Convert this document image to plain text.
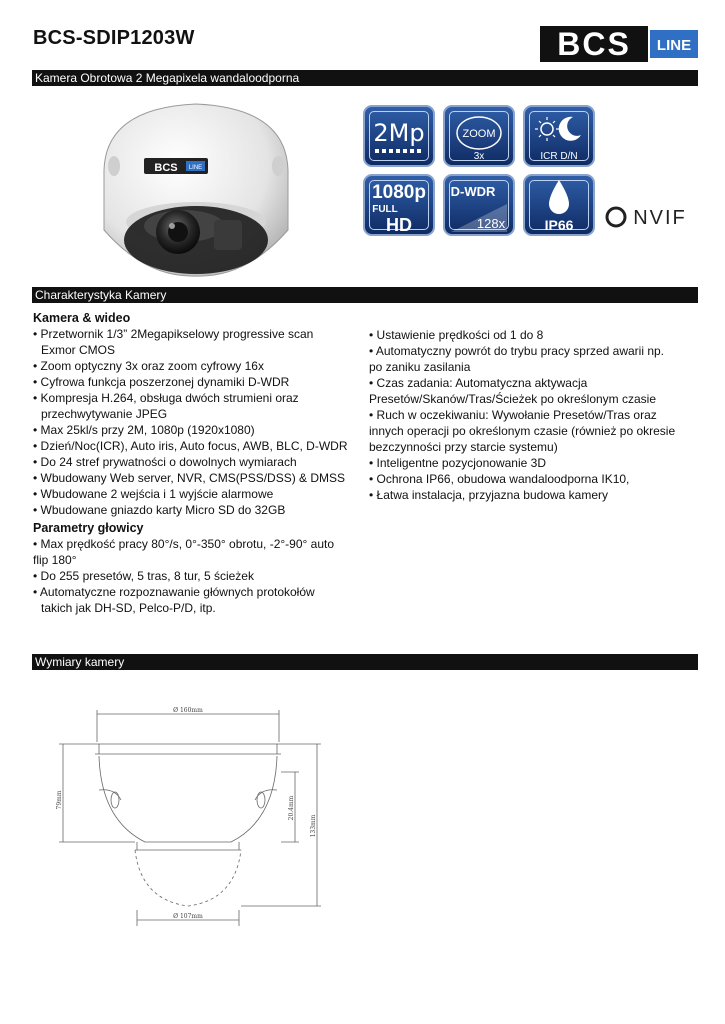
BCS-SDIP1203W	BCS LINE
Kamera Obrotowa 2 Megapixela wandaloodporna
Charakterystyka Kamery
Wymiary kamery
BCS LINE
2Mp	ZOOM
3x	ICR D/N
1080p
FULL
HD
D-WDR
128x	IP66	NVIF
Kamera & wideo
• Przetwornik 1/3” 2Megapikselowy progressive scan
Exmor CMOS
• Zoom optyczny 3x oraz zoom cyfrowy 16x
• Cyfrowa funkcja poszerzonej dynamiki D-WDR
• Kompresja H.264, obsługa dwóch strumieni oraz
przechwytywanie JPEG
• Max 25kl/s przy 2M, 1080p (1920x1080)
• Dzień/Noc(ICR), Auto iris, Auto focus, AWB, BLC, D-WDR
• Do 24 stref prywatności o dowolnych wymiarach
• Wbudowany Web server, NVR, CMS(PSS/DSS) & DMSS
• Wbudowane 2 wejścia i 1 wyjście alarmowe
• Wbudowane gniazdo karty Micro SD do 32GB
Parametry głowicy
• Max prędkość pracy 80°/s, 0°-350° obrotu, -2°-90° auto
flip 180°
• Do 255 presetów, 5 tras, 8 tur, 5 ścieżek
• Automatyczne rozpoznawanie głównych protokołów
takich jak DH-SD, Pelco-P/D, itp.
• Ustawienie prędkości od 1 do 8
• Automatyczny powrót do trybu pracy sprzed awarii np.
po zaniku zasilania
• Czas zadania: Automatyczna aktywacja
Presetów/Skanów/Tras/Ścieżek po określonym czasie
• Ruch w oczekiwaniu: Wywołanie Presetów/Tras oraz
innych operacji po określonym czasie (również po okresie
bezczynności przy starcie systemu)
• Inteligentne pozycjonowanie 3D
• Ochrona IP66, obudowa wandaloodporna IK10,
• Łatwa instalacja, przyjazna budowa kamery
Ø 160mm
Ø 107mm
79mm	20.4mm
133mm
